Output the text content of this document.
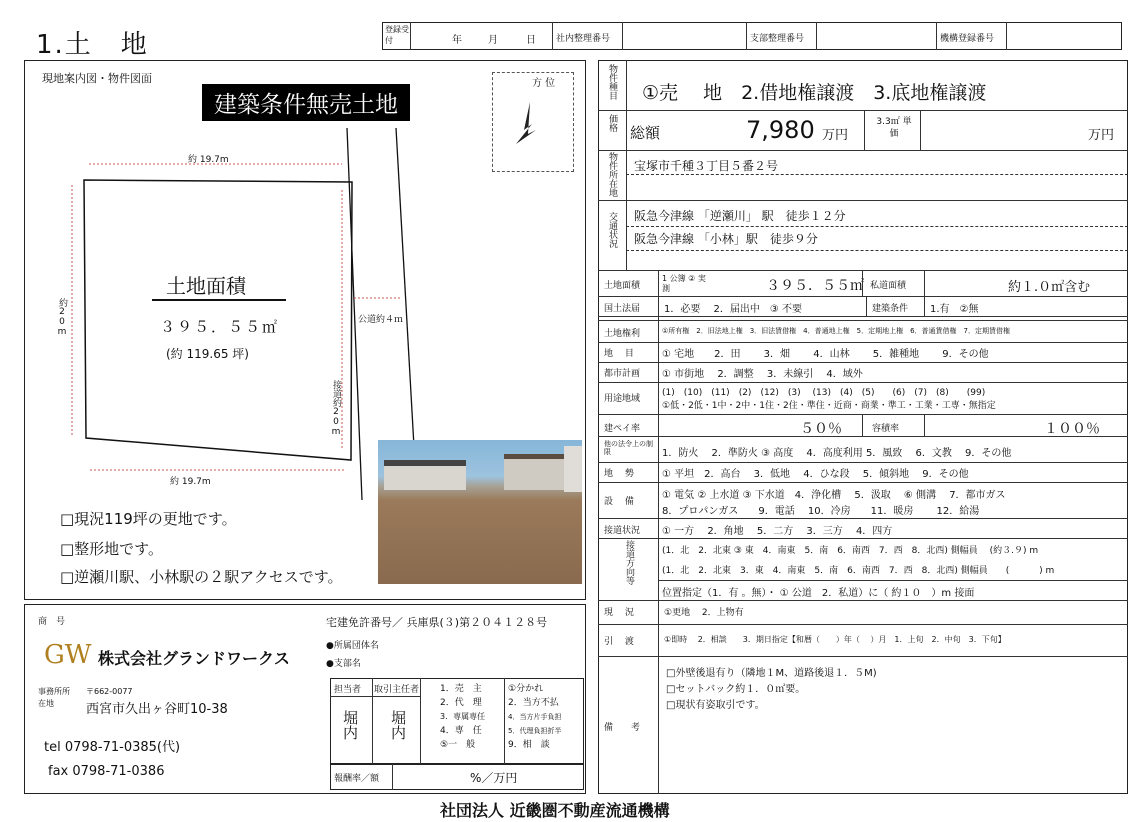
1.土　地
登録受付	年	月	日 社内整理番号	支部整理番号	機構登録番号
現地案内図・物件図面
建築条件無売土地
方 位
約 19.7m
約 19.7m
約20m
接道約20m
公道約４ｍ
土地面積
３９５．５５㎡
(約 119.65 坪)
□現況119坪の更地です。
□整形地です。
□逆瀬川駅、小林駅の２駅アクセスです。
商　号	宅建免許番号／ 兵庫県(３)第２０４１２８号
●所属団体名
●支部名
GW 株式会社グランドワークス
事務所所在地
〒662-0077
西宮市久出ヶ谷町10-38
tel 0798-71-0385(代)
fax 0798-71-0386
担当者 取引主任者
堀内 堀内
1．売　主
2．代　理
3．専属専任
4．専　任
⑤一　般
①分かれ
2．当方不払
4．当方片手負担
5．代理負担折半
9．相　談
報酬率／額	%／万円
物件種目 ①売　 地　2.借地権譲渡　3.底地権譲渡
価格
総額	7,980 万円
3.3㎡ 単 価	万円
物件所在地 宝塚市千種３丁目５番２号
交通状況 阪急今津線 「逆瀬川」 駅　徒歩１２分
阪急今津線 「小林」駅　徒歩９分
土地面積
1 公簿 ② 実測	３９５．５５㎡ 私道面積	約１.０㎡含む
国土法届 1．必要　 2．届出中　③ 不要	建築条件 1.有　②無
土地権利	①所有権　2．旧法地上権　3．旧法賃借権　4．普通地上権　5．定期地上権　6．普通賃借権　7．定期賃借権
地　 目	① 宅地　　2．田　　 3．畑　　 4．山林　　 5．雑種地　　 9．その他
都市計画 ① 市街地　 2．調整　 3．未線引　 4．域外
用途地域
(1)　(10)　(11)　(2)　(12)　(3)　 (13)　(4)　(5)　　(6)　(7)　(8)　　(99)
①低・2低・1中・2中・1住・2住・準住・近商・商業・準工・工業・工専・無指定
建ペイ率	５０％	容積率	１００％
他の法令上の制限	1．防火　 2．準防火 ③ 高度　 4．高度利用 5．風致　 6．文教　 9．その他
地　 勢	① 平坦　2．高台　 3．低地　 4．ひな段　 5．傾斜地　 9．その他
設　 備
① 電気 ② 上水道 ③ 下水道　4．浄化槽　 5．汲取　 ⑥ 側溝　 7．都市ガス
8．プロパンガス　　9．電話　 10．冷房　　11．暖房　　 12．給湯
接道状況 ① 一方　 2．角地　 5．二方　 3．三方　 4．四方
接道方向等	(1．北　2．北東 ③ 東　4．南東　5．南　6．南西　7．西　8．北西) 側幅員　 (約３.９) m
(1．北　2．北東　3．東　4．南東　5．南　6．南西　7．西　8．北西) 側幅員　　(　　　 ) m
位置指定（1．有 。無）・ ① 公道　2．私道）に（ 約１０　）m 接面
現　 況	①更地　 2．上物有
引　 渡	①即時　 2．相談　　3．期日指定【和暦（　　）年（　 ）月　1．上旬　2．中旬　3．下旬】
備　　考
□外壁後退有り（隣地１M、道路後退１．５M)
□セットバック約１．０㎡要。
□現状有姿取引です。
社団法人 近畿圏不動産流通機構
